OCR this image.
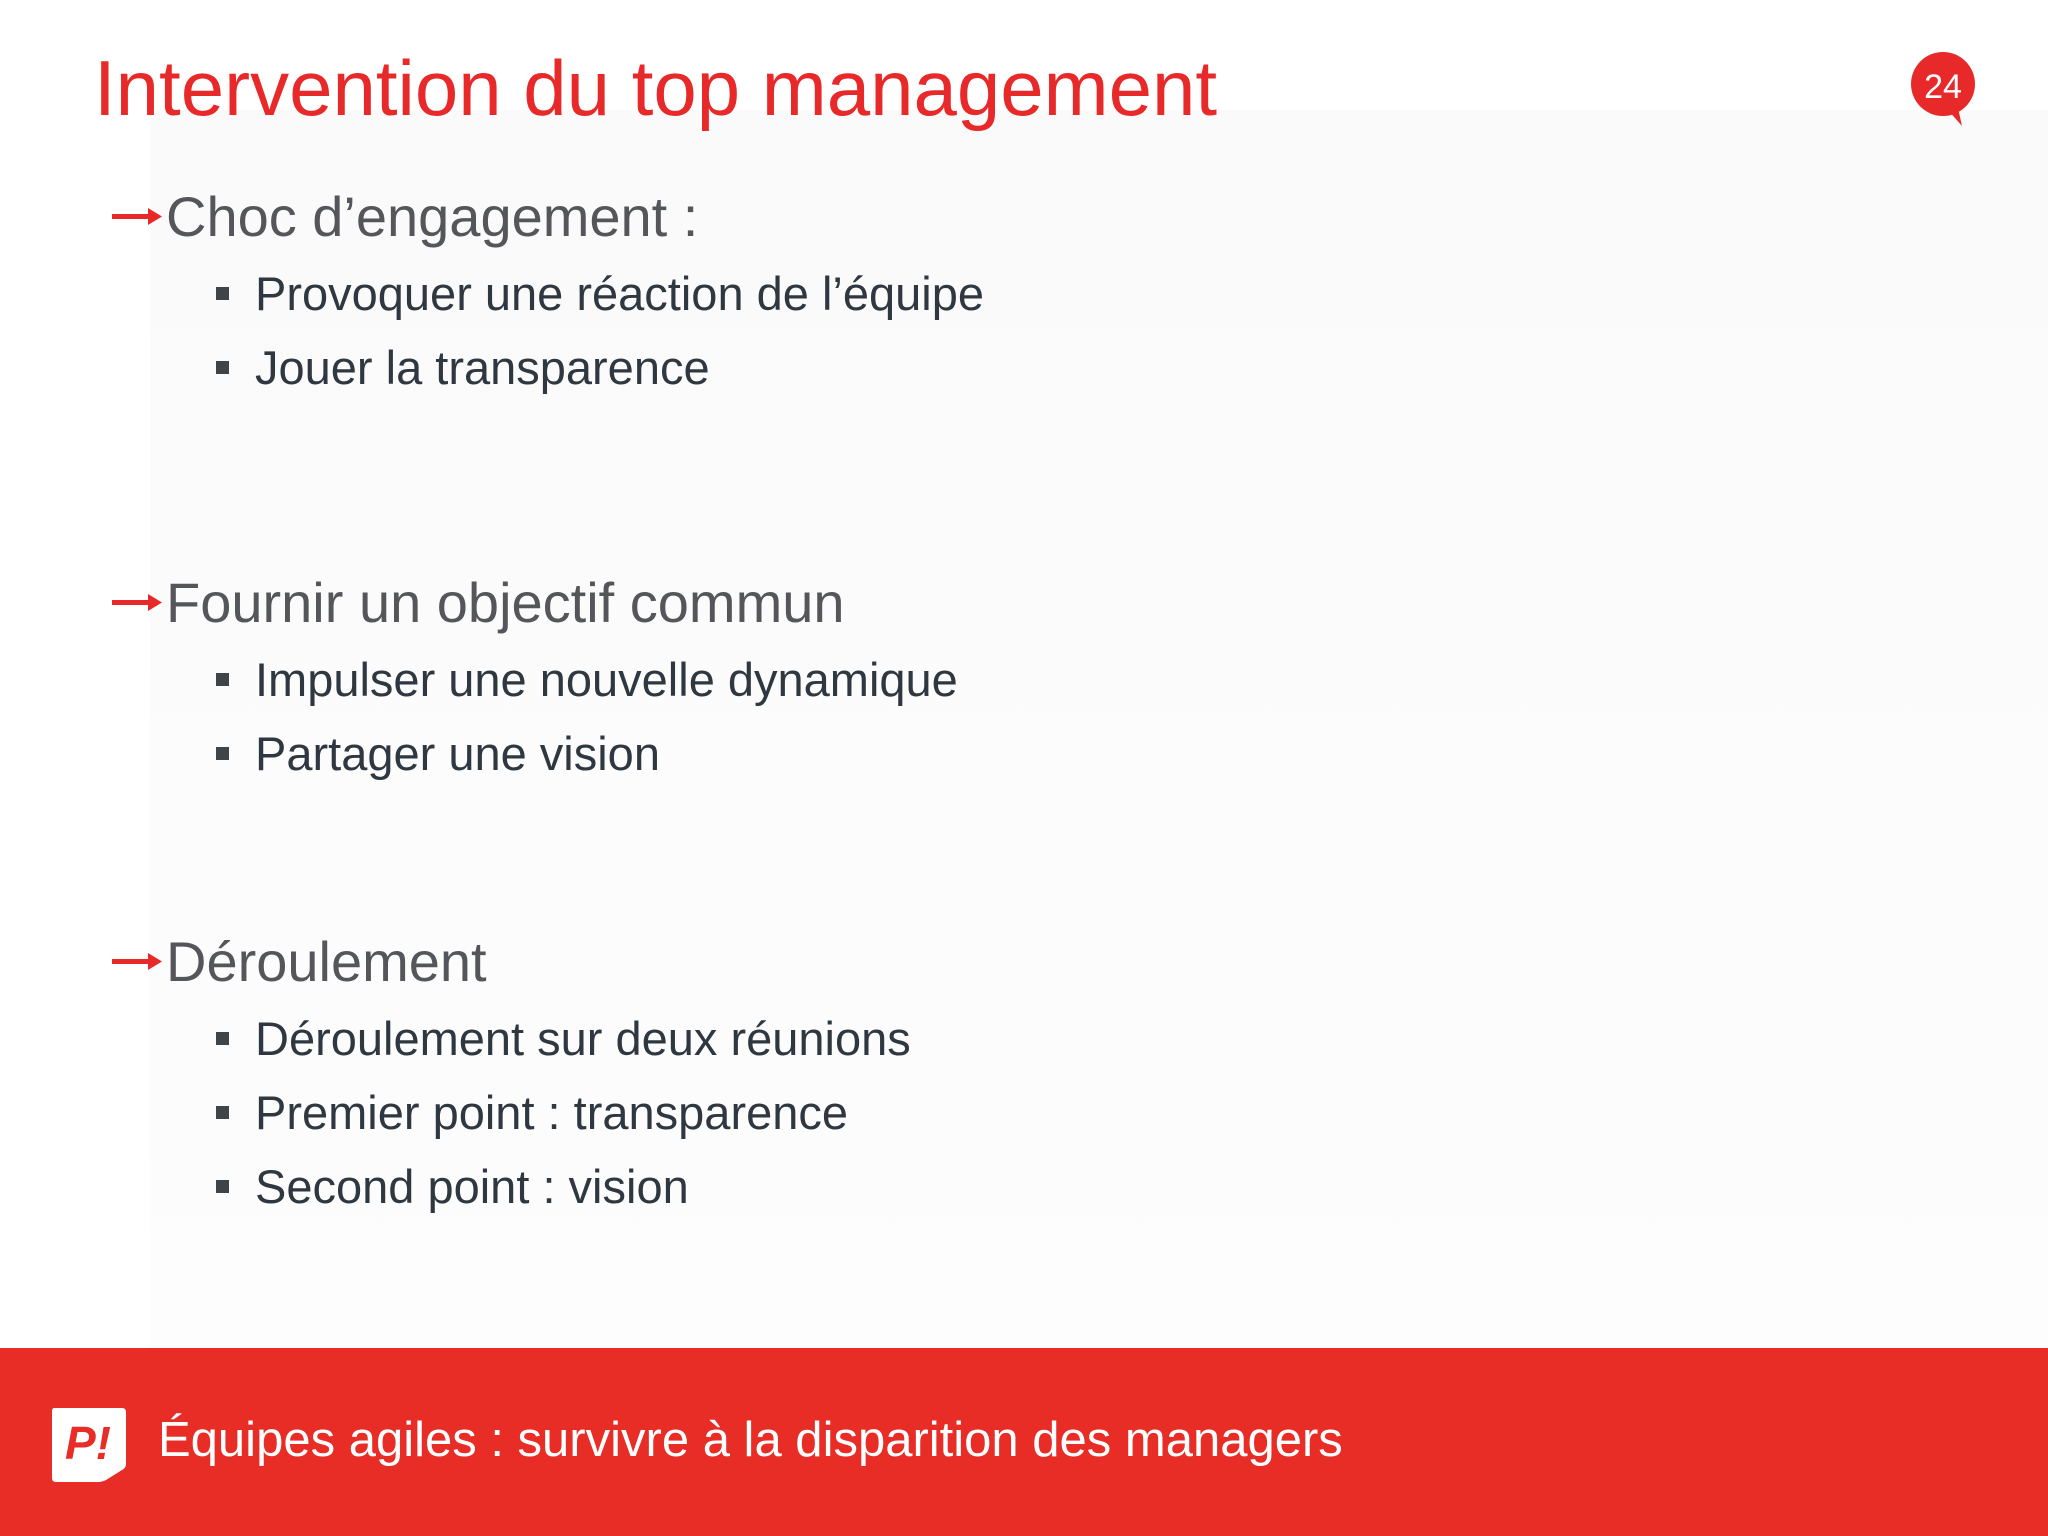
Intervention du top management	24
Choc d’engagement :
Provoquer une réaction de l’équipe
Jouer la transparence
Fournir un objectif commun
Impulser une nouvelle dynamique
Partager une vision
Déroulement
Déroulement sur deux réunions
Premier point : transparence
Second point : vision
P! Équipes agiles : survivre à la disparition des managers
